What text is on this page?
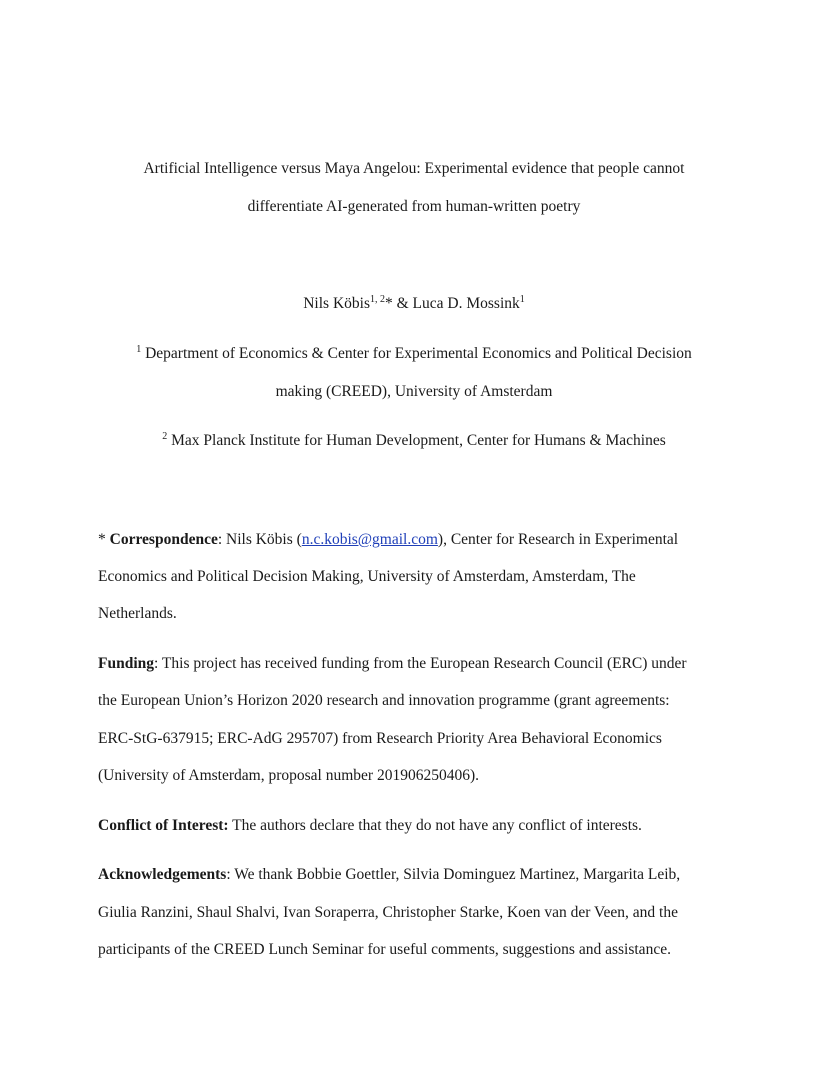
Artificial Intelligence versus Maya Angelou: Experimental evidence that people cannot
differentiate AI-generated from human-written poetry
Nils Köbis$^{1, 2}$* & Luca D. Mossink$^1$
$^1$ Department of Economics & Center for Experimental Economics and Political Decision
making (CREED), University of Amsterdam
$^2$ Max Planck Institute for Human Development, Center for Humans & Machines
* Correspondence: Nils Köbis (n.c.kobis@gmail.com), Center for Research in Experimental
Economics and Political Decision Making, University of Amsterdam, Amsterdam, The
Netherlands.
Funding: This project has received funding from the European Research Council (ERC) under
the European Union’s Horizon 2020 research and innovation programme (grant agreements:
ERC-StG-637915; ERC-AdG 295707) from Research Priority Area Behavioral Economics
(University of Amsterdam, proposal number 201906250406).
Conflict of Interest: The authors declare that they do not have any conflict of interests.
Acknowledgements: We thank Bobbie Goettler, Silvia Dominguez Martinez, Margarita Leib,
Giulia Ranzini, Shaul Shalvi, Ivan Soraperra, Christopher Starke, Koen van der Veen, and the
participants of the CREED Lunch Seminar for useful comments, suggestions and assistance.
